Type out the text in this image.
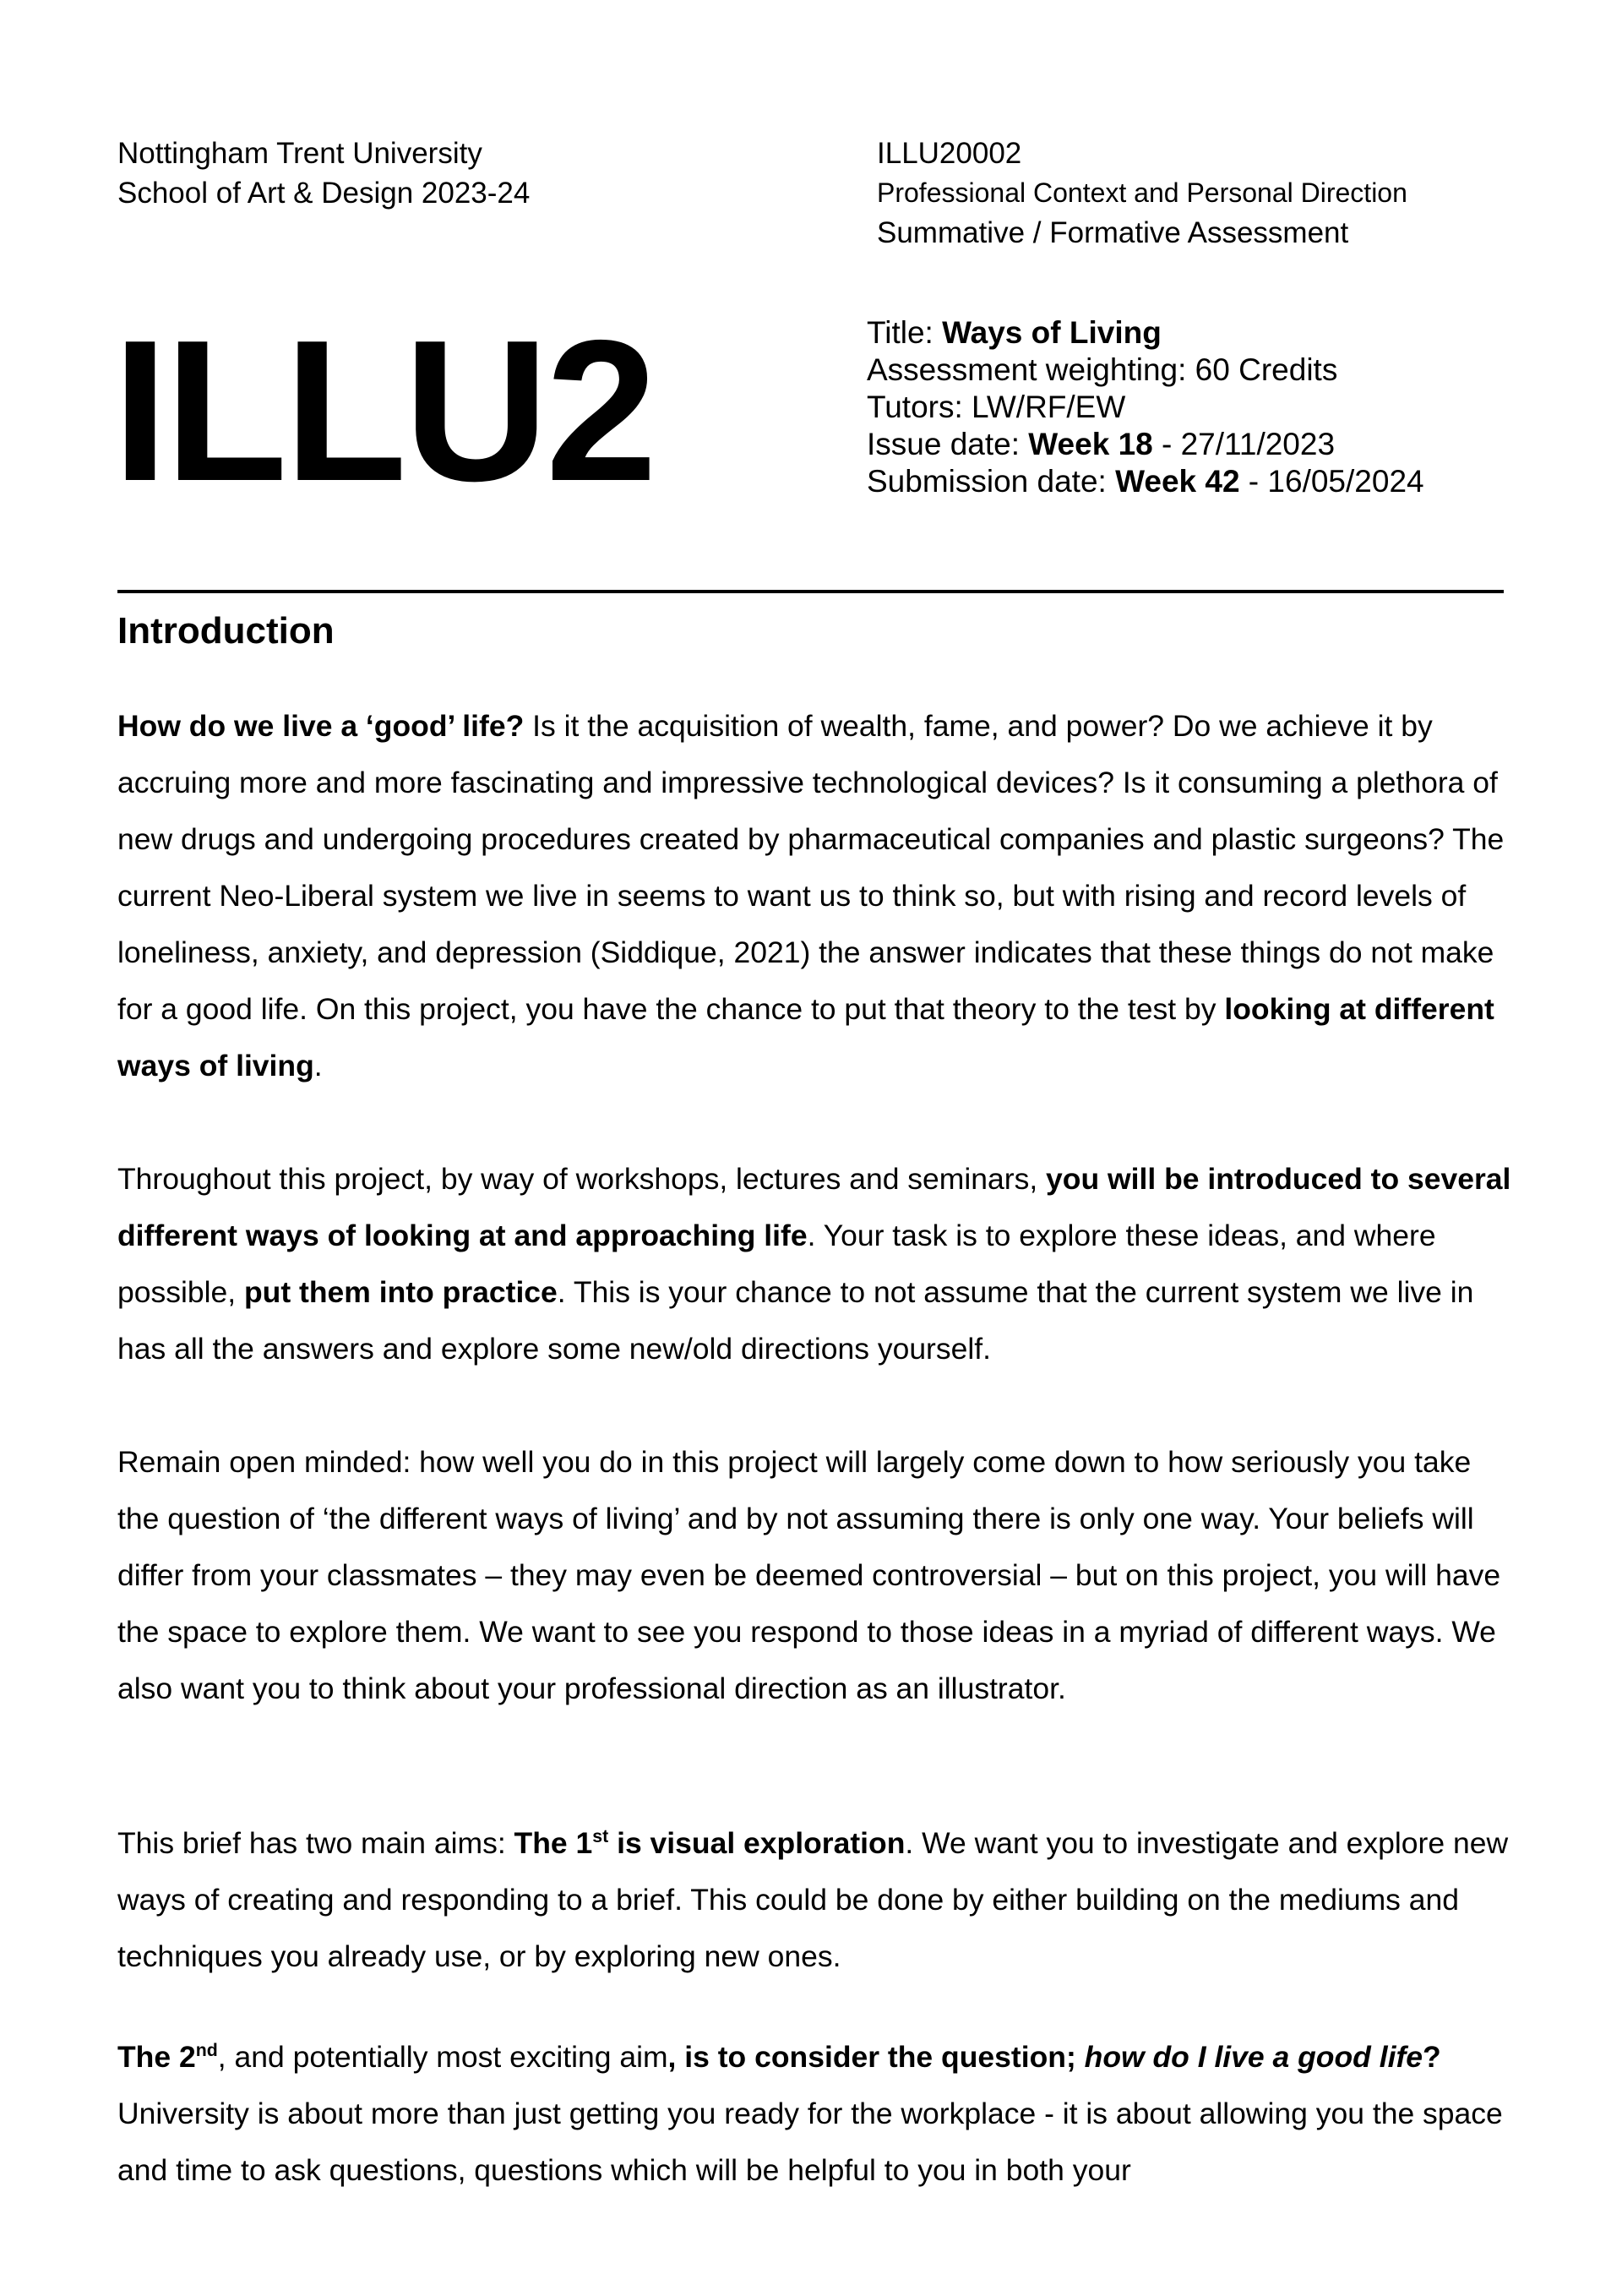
Nottingham Trent University
School of Art & Design 2023-24
ILLU20002
Professional Context and Personal Direction
Summative / Formative Assessment
ILLU2	Title: Ways of Living
Assessment weighting: 60 Credits
Tutors: LW/RF/EW
Issue date: Week 18 - 27/11/2023
Submission date: Week 42 - 16/05/2024
Introduction

How do we live a ‘good’ life? Is it the acquisition of wealth, fame, and power? Do we achieve it by accruing more and more fascinating and impressive technological devices? Is it consuming a plethora of new drugs and undergoing procedures created by pharmaceutical companies and plastic surgeons? The current Neo-Liberal system we live in seems to want us to think so, but with rising and record levels of loneliness, anxiety, and depression (Siddique, 2021) the answer indicates that these things do not make for a good life. On this project, you have the chance to put that theory to the test by looking at different ways of living.

Throughout this project, by way of workshops, lectures and seminars, you will be introduced to several different ways of looking at and approaching life. Your task is to explore these ideas, and where possible, put them into practice. This is your chance to not assume that the current system we live in has all the answers and explore some new/old directions yourself.

Remain open minded: how well you do in this project will largely come down to how seriously you take the question of ‘the different ways of living’ and by not assuming there is only one way. Your beliefs will differ from your classmates – they may even be deemed controversial – but on this project, you will have the space to explore them. We want to see you respond to those ideas in a myriad of different ways. We also want you to think about your professional direction as an illustrator.

This brief has two main aims: The 1st is visual exploration. We want you to investigate and explore new ways of creating and responding to a brief. This could be done by either building on the mediums and techniques you already use, or by exploring new ones.

The 2nd, and potentially most exciting aim, is to consider the question; how do I live a good life? University is about more than just getting you ready for the workplace - it is about allowing you the space and time to ask questions, questions which will be helpful to you in both your
